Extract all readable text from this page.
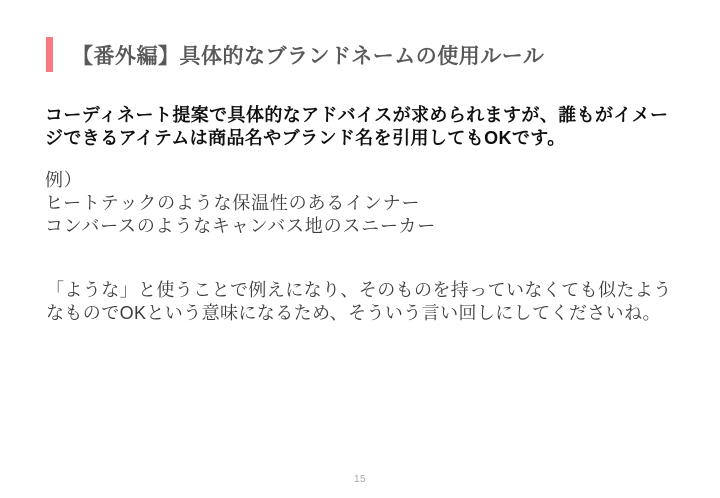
【番外編】具体的なブランドネームの使用ルール

コーディネート提案で具体的なアドバイスが求められますが、誰もがイメー
ジできるアイテムは商品名やブランド名を引用してもOKです。

例）
ヒートテックのような保温性のあるインナー
コンバースのようなキャンバス地のスニーカー

「ような」と使うことで例えになり、そのものを持っていなくても似たよう
なものでOKという意味になるため、そういう言い回しにしてくださいね。

15
